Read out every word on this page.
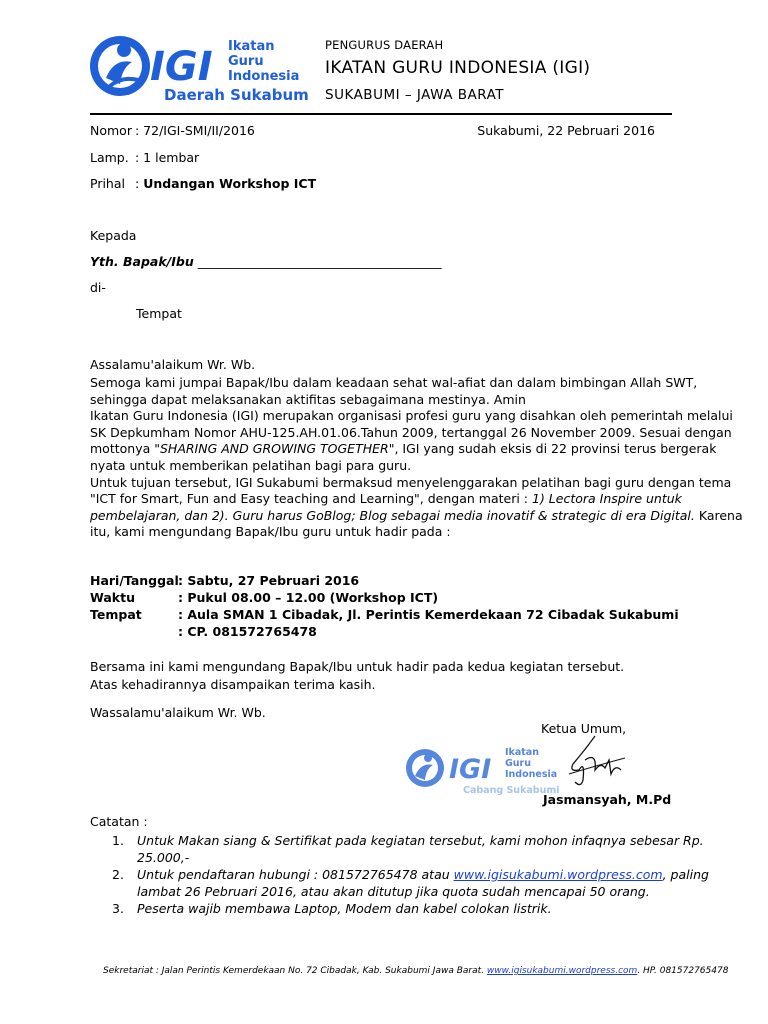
IGI Ikatan
Guru
Indonesia
Daerah Sukabumi
PENGURUS DAERAH
IKATAN GURU INDONESIA (IGI)
SUKABUMI – JAWA BARAT
Nomor : 72/IGI-SMI/II/2016	Sukabumi, 22 Pebruari 2016
Lamp. : 1 lembar
Prihal : Undangan Workshop ICT
Kepada
Yth. Bapak/Ibu _______________________________________
di-
Tempat
Assalamu'alaikum Wr. Wb.
Semoga kami jumpai Bapak/Ibu dalam keadaan sehat wal-afiat dan dalam bimbingan Allah SWT,
sehingga dapat melaksanakan aktifitas sebagaimana mestinya. Amin
Ikatan Guru Indonesia (IGI) merupakan organisasi profesi guru yang disahkan oleh pemerintah melalui
SK Depkumham Nomor AHU-125.AH.01.06.Tahun 2009, tertanggal 26 November 2009. Sesuai dengan
mottonya "SHARING AND GROWING TOGETHER", IGI yang sudah eksis di 22 provinsi terus bergerak
nyata untuk memberikan pelatihan bagi para guru.
Untuk tujuan tersebut, IGI Sukabumi bermaksud menyelenggarakan pelatihan bagi guru dengan tema
"ICT for Smart, Fun and Easy teaching and Learning", dengan materi : 1) Lectora Inspire untuk
pembelajaran, dan 2). Guru harus GoBlog; Blog sebagai media inovatif & strategic di era Digital. Karena
itu, kami mengundang Bapak/Ibu guru untuk hadir pada :
Hari/Tanggal : Sabtu, 27 Pebruari 2016
Waktu	: Pukul 08.00 – 12.00 (Workshop ICT)
Tempat	: Aula SMAN 1 Cibadak, Jl. Perintis Kemerdekaan 72 Cibadak Sukabumi
: CP. 081572765478
Bersama ini kami mengundang Bapak/Ibu untuk hadir pada kedua kegiatan tersebut.
Atas kehadirannya disampaikan terima kasih.
Wassalamu'alaikum Wr. Wb.
Ketua Umum,
IGI
Ikatan
Guru
Indonesia
Cabang Sukabumi
Jasmansyah, M.Pd
Catatan :
1. Untuk Makan siang & Sertifikat pada kegiatan tersebut, kami mohon infaqnya sebesar Rp.
25.000,-
2. Untuk pendaftaran hubungi : 081572765478 atau www.igisukabumi.wordpress.com, paling
lambat 26 Pebruari 2016, atau akan ditutup jika quota sudah mencapai 50 orang.
3. Peserta wajib membawa Laptop, Modem dan kabel colokan listrik.
Sekretariat : Jalan Perintis Kemerdekaan No. 72 Cibadak, Kab. Sukabumi Jawa Barat. www.igisukabumi.wordpress.com. HP. 081572765478
